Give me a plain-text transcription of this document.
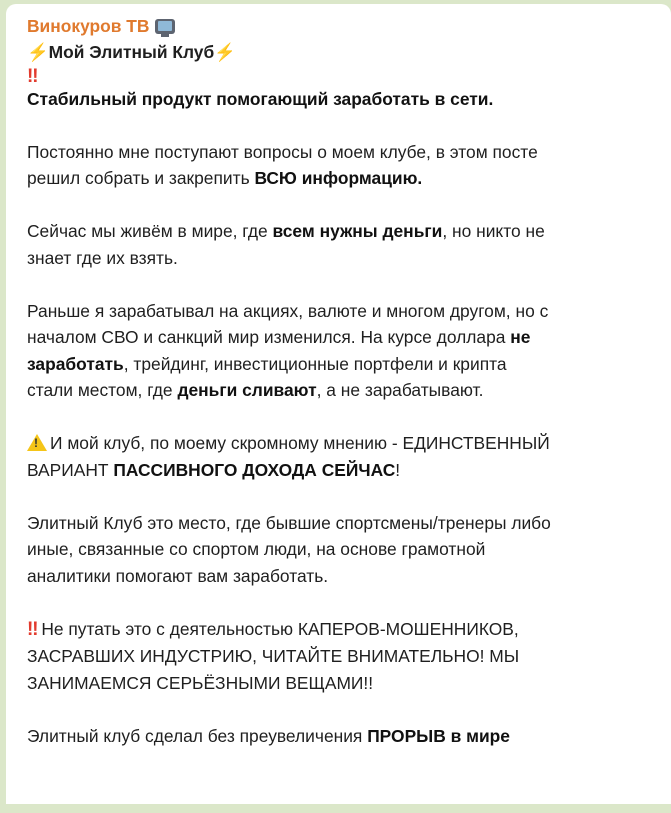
Винокуров ТВ

⚡Мой Элитный Клуб⚡

‼

Стабильный продукт помогающий заработать в сети.

Постоянно мне поступают вопросы о моем клубе, в этом посте
решил собрать и закрепить ВСЮ информацию.

Сейчас мы живём в мире, где всем нужны деньги, но никто не
знает где их взять.

Раньше я зарабатывал на акциях, валюте и многом другом, но с
началом СВО и санкций мир изменился. На курсе доллара не
заработать, трейдинг, инвестиционные портфели и крипта
стали местом, где деньги сливают, а не зарабатывают.

!И мой клуб, по моему скромному мнению - ЕДИНСТВЕННЫЙ
ВАРИАНТ ПАССИВНОГО ДОХОДА СЕЙЧАС!

Элитный Клуб это место, где бывшие спортсмены/тренеры либо
иные, связанные со спортом люди, на основе грамотной
аналитики помогают вам заработать.

‼ Не путать это с деятельностью КАПЕРОВ-МОШЕННИКОВ,
ЗАСРАВШИХ ИНДУСТРИЮ, ЧИТАЙТЕ ВНИМАТЕЛЬНО! МЫ
ЗАНИМАЕМСЯ СЕРЬЁЗНЫМИ ВЕЩАМИ!!

Элитный клуб сделал без преувеличения ПРОРЫВ в мире
